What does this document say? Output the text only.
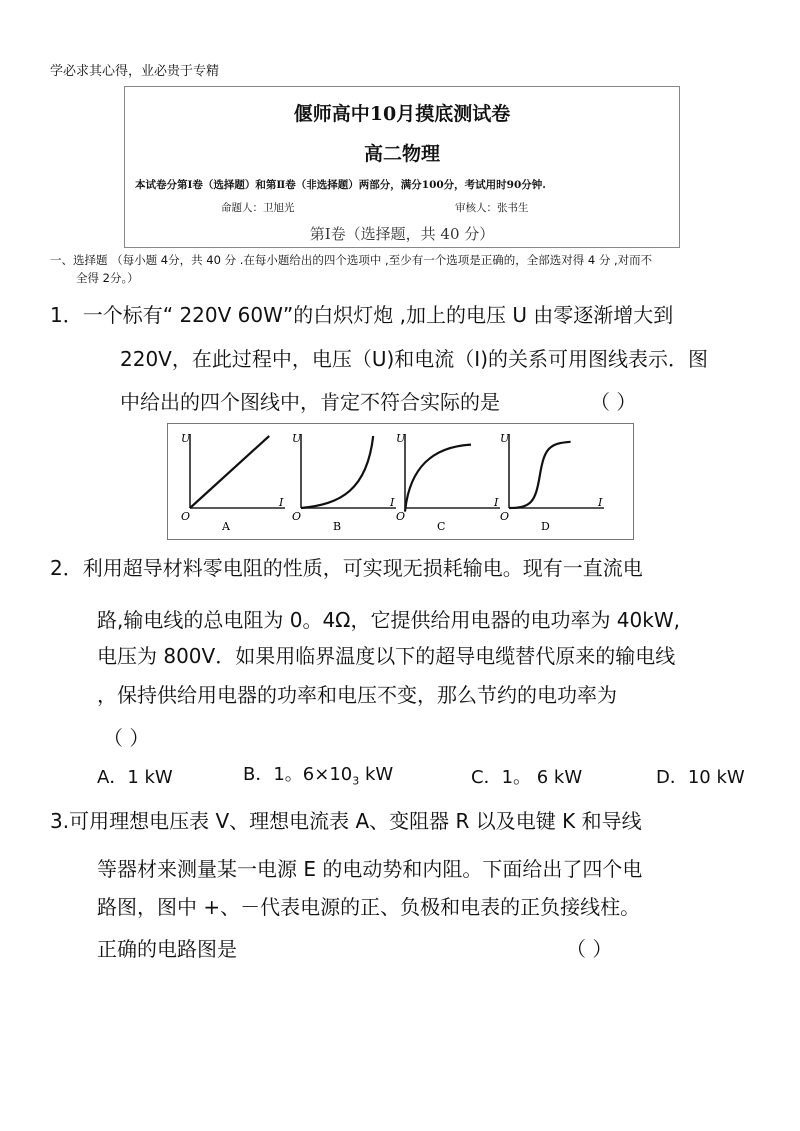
学必求其心得，业必贵于专精
偃师高中10月摸底测试卷
高二物理
本试卷分第Ⅰ卷（选择题）和第Ⅱ卷（非选择题）两部分，满分100分，考试用时90分钟.
命题人：卫旭光	审核人：张书生
第Ⅰ卷（选择题，共 40 分）
一、选择题 （每小题 4分，共 40 分 .在每小题给出的四个选项中 ,至少有一个选项是正确的，全部选对得 4 分 ,对而不
全得 2分。）
1．一个标有“ 220V 60W”的白炽灯炮 ,加上的电压 U 由零逐渐增大到
220V，在此过程中，电压（U)和电流（I)的关系可用图线表示．图
中给出的四个图线中，肯定不符合实际的是	（ ）
U
I
O
A
U
I
O
B
U
I
O
C
U
I
O
D
2．利用超导材料零电阻的性质，可实现无损耗输电。现有一直流电
路,输电线的总电阻为 0。4Ω，它提供给用电器的电功率为 40kW,
电压为 800V．如果用临界温度以下的超导电缆替代原来的输电线
，保持供给用电器的功率和电压不变，那么节约的电功率为
（ ）
A．1 kW	B．1。$6\times 10_3$ kW	C．1。 6 kW	D．10 kW
3.可用理想电压表 V、理想电流表 A、变阻器 R 以及电键 K 和导线
等器材来测量某一电源 E 的电动势和内阻。下面给出了四个电
路图，图中 +、－代表电源的正、负极和电表的正负接线柱。
正确的电路图是	（ ）
